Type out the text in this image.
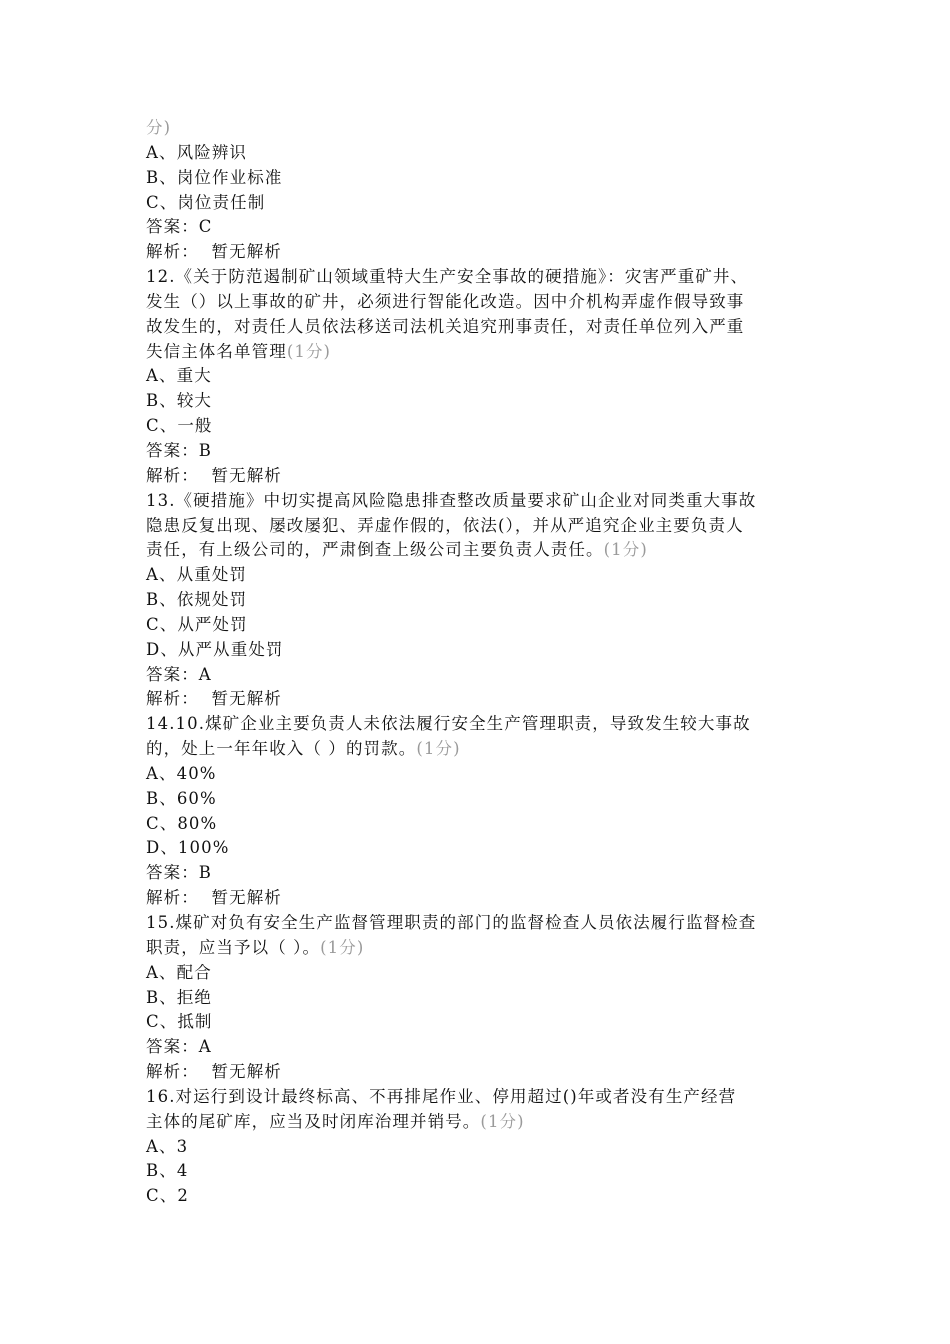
分)
A、风险辨识
B、岗位作业标准
C、岗位责任制
答案：C
解析：  暂无解析
12.《关于防范遏制矿山领域重特大生产安全事故的硬措施》：灾害严重矿井、
发生（）以上事故的矿井，必须进行智能化改造。因中介机构弄虚作假导致事
故发生的，对责任人员依法移送司法机关追究刑事责任，对责任单位列入严重
失信主体名单管理(1分)
A、重大
B、较大
C、一般
答案：B
解析：  暂无解析
13.《硬措施》中切实提高风险隐患排查整改质量要求矿山企业对同类重大事故
隐患反复出现、屡改屡犯、弄虚作假的，依法(），并从严追究企业主要负责人
责任，有上级公司的，严肃倒查上级公司主要负责人责任。(1分)
A、从重处罚
B、依规处罚
C、从严处罚
D、从严从重处罚
答案：A
解析：  暂无解析
14.10.煤矿企业主要负责人未依法履行安全生产管理职责，导致发生较大事故
的，处上一年年收入（ ）的罚款。(1分)
A、40%
B、60%
C、80%
D、100%
答案：B
解析：  暂无解析
15.煤矿对负有安全生产监督管理职责的部门的监督检查人员依法履行监督检查
职责，应当予以（ ）。(1分)
A、配合
B、拒绝
C、抵制
答案：A
解析：  暂无解析
16.对运行到设计最终标高、不再排尾作业、停用超过()年或者没有生产经营
主体的尾矿库，应当及时闭库治理并销号。(1分)
A、3
B、4
C、2
